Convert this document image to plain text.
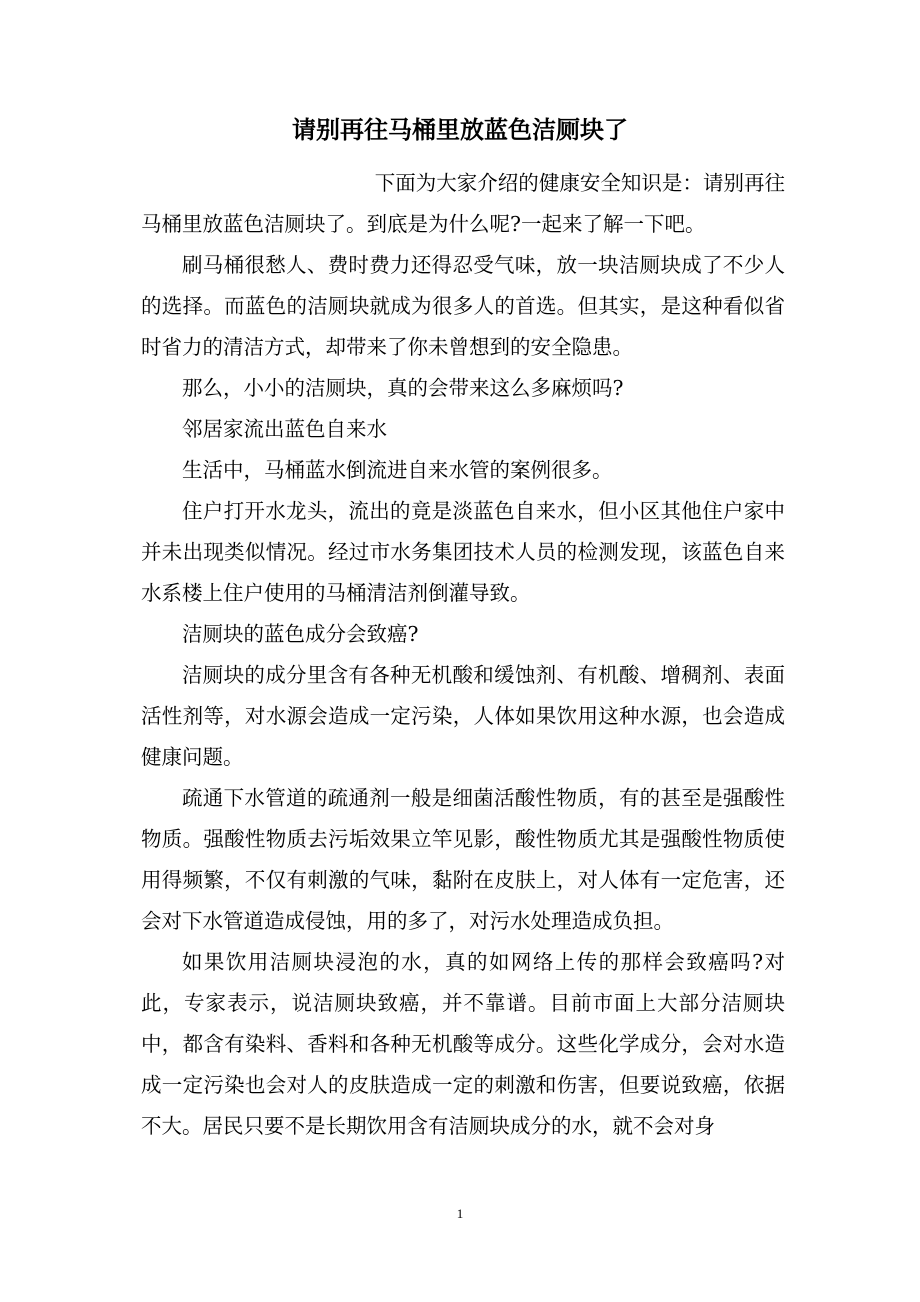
请别再往马桶里放蓝色洁厕块了

下面为大家介绍的健康安全知识是：请别再往马桶里放蓝色洁厕块了。到底是为什么呢?一起来了解一下吧。

刷马桶很愁人、费时费力还得忍受气味，放一块洁厕块成了不少人的选择。而蓝色的洁厕块就成为很多人的首选。但其实，是这种看似省时省力的清洁方式，却带来了你未曾想到的安全隐患。

那么，小小的洁厕块，真的会带来这么多麻烦吗?

邻居家流出蓝色自来水

生活中，马桶蓝水倒流进自来水管的案例很多。

住户打开水龙头，流出的竟是淡蓝色自来水，但小区其他住户家中并未出现类似情况。经过市水务集团技术人员的检测发现，该蓝色自来水系楼上住户使用的马桶清洁剂倒灌导致。

洁厕块的蓝色成分会致癌?

洁厕块的成分里含有各种无机酸和缓蚀剂、有机酸、增稠剂、表面活性剂等，对水源会造成一定污染，人体如果饮用这种水源，也会造成健康问题。

疏通下水管道的疏通剂一般是细菌活酸性物质，有的甚至是强酸性物质。强酸性物质去污垢效果立竿见影，酸性物质尤其是强酸性物质使用得频繁，不仅有刺激的气味，黏附在皮肤上，对人体有一定危害，还会对下水管道造成侵蚀，用的多了，对污水处理造成负担。

如果饮用洁厕块浸泡的水，真的如网络上传的那样会致癌吗?对此，专家表示，说洁厕块致癌，并不靠谱。目前市面上大部分洁厕块中，都含有染料、香料和各种无机酸等成分。这些化学成分，会对水造成一定污染也会对人的皮肤造成一定的刺激和伤害，但要说致癌，依据不大。居民只要不是长期饮用含有洁厕块成分的水，就不会对身

1
